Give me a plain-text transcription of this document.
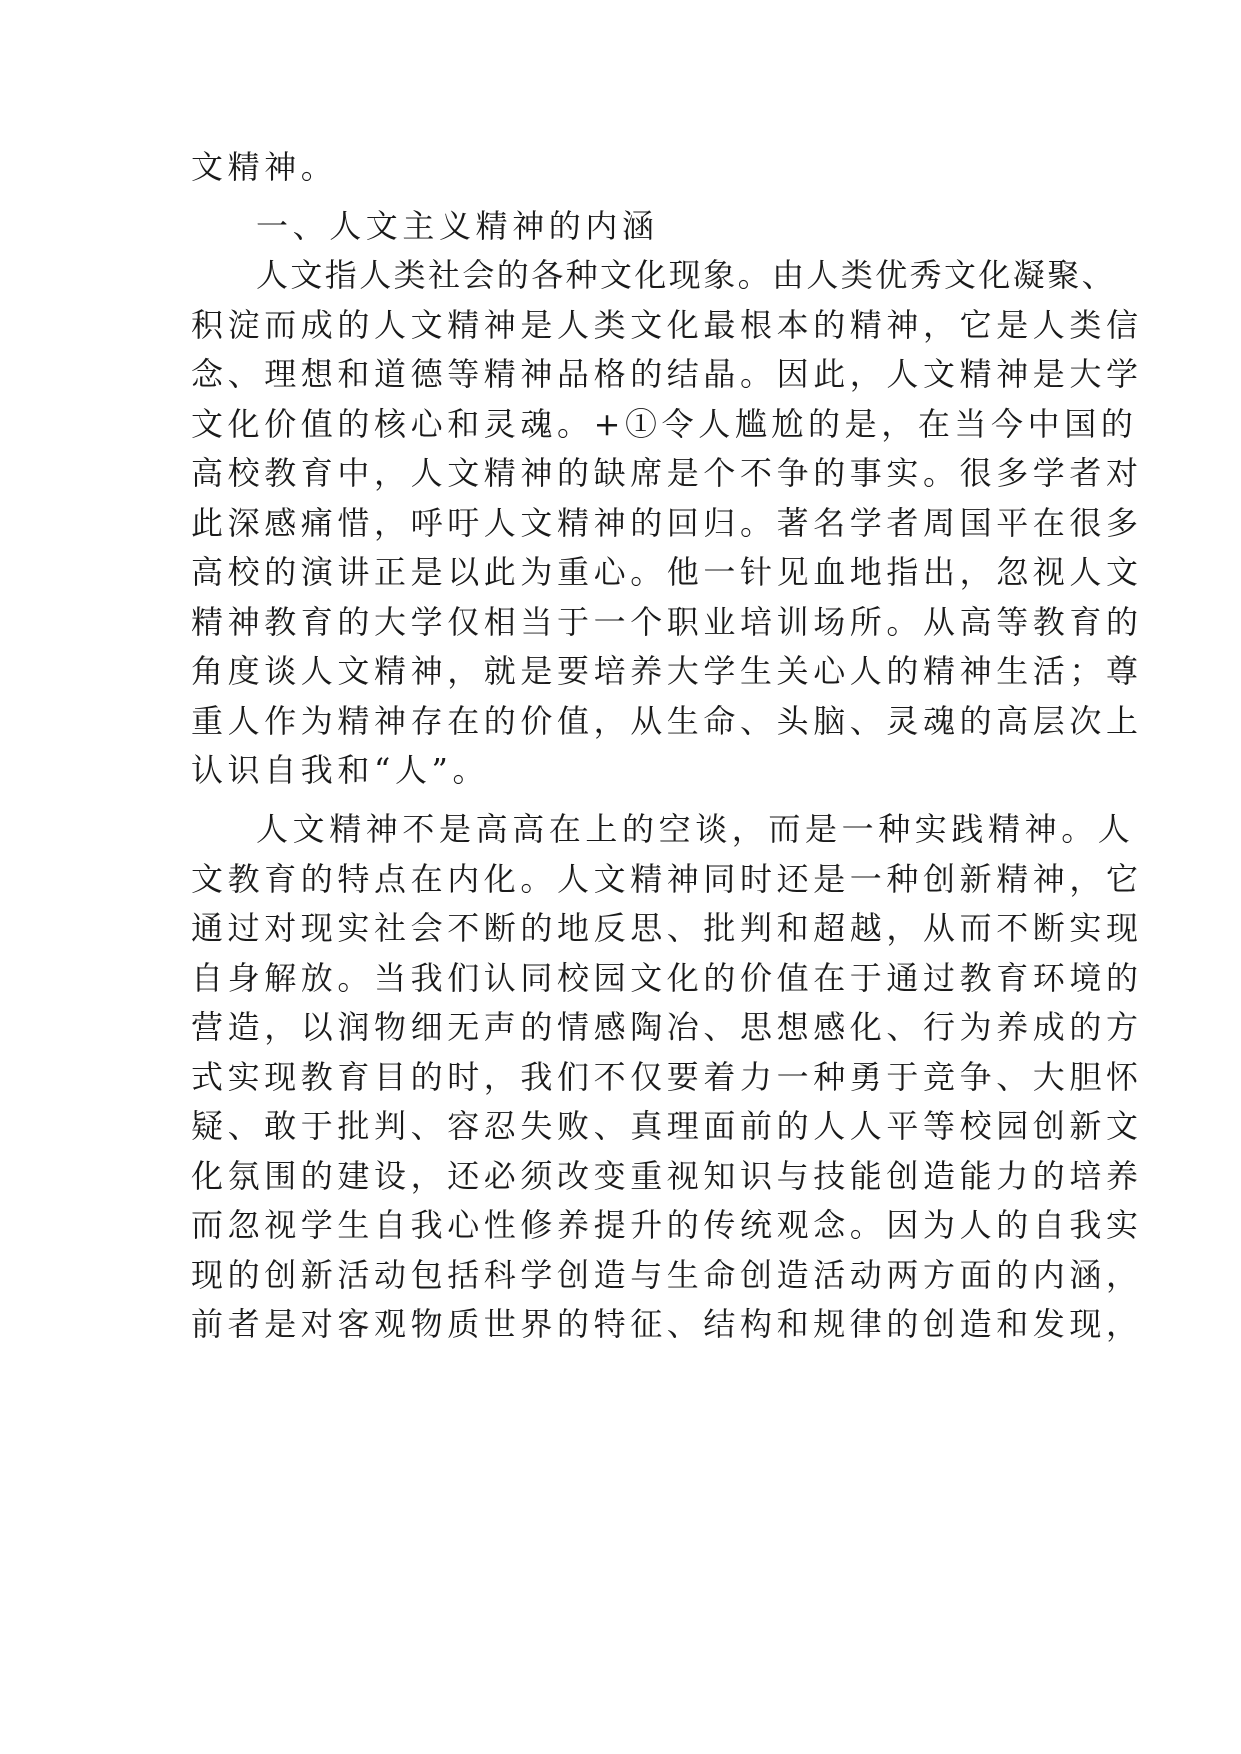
文精神。
一、人文主义精神的内涵
人文指人类社会的各种文化现象。由人类优秀文化凝聚、
积淀而成的人文精神是人类文化最根本的精神，它是人类信
念、理想和道德等精神品格的结晶。因此，人文精神是大学
文化价值的核心和灵魂。+①令人尴尬的是，在当今中国的
高校教育中，人文精神的缺席是个不争的事实。很多学者对
此深感痛惜，呼吁人文精神的回归。著名学者周国平在很多
高校的演讲正是以此为重心。他一针见血地指出，忽视人文
精神教育的大学仅相当于一个职业培训场所。从高等教育的
角度谈人文精神，就是要培养大学生关心人的精神生活；尊
重人作为精神存在的价值，从生命、头脑、灵魂的高层次上
认识自我和“人”。
人文精神不是高高在上的空谈，而是一种实践精神。人
文教育的特点在内化。人文精神同时还是一种创新精神，它
通过对现实社会不断的地反思、批判和超越，从而不断实现
自身解放。当我们认同校园文化的价值在于通过教育环境的
营造，以润物细无声的情感陶冶、思想感化、行为养成的方
式实现教育目的时，我们不仅要着力一种勇于竞争、大胆怀
疑、敢于批判、容忍失败、真理面前的人人平等校园创新文
化氛围的建设，还必须改变重视知识与技能创造能力的培养
而忽视学生自我心性修养提升的传统观念。因为人的自我实
现的创新活动包括科学创造与生命创造活动两方面的内涵，
前者是对客观物质世界的特征、结构和规律的创造和发现，
